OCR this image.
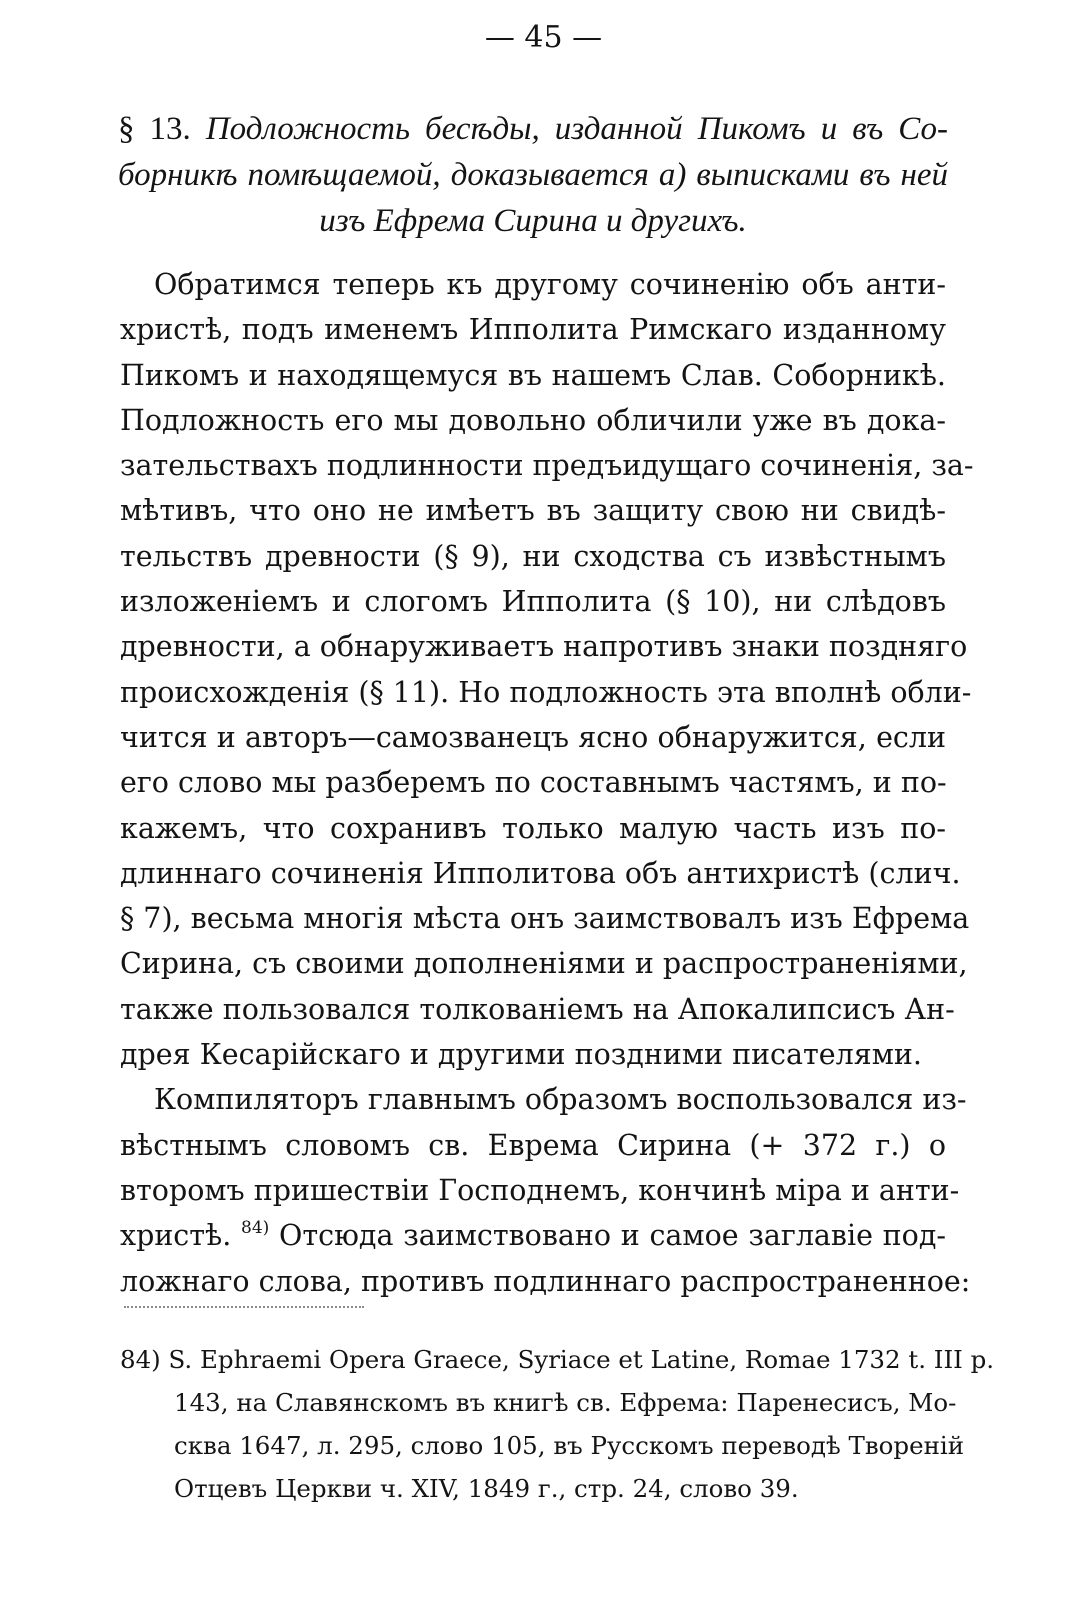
— 45 —
§ 13. Подложность бесѣды, изданной Пикомъ и въ Со-
борникѣ помѣщаемой, доказывается а) выписками въ ней
изъ Ефрема Сирина и другихъ.
Обратимся теперь къ другому сочиненію объ анти-
христѣ, подъ именемъ Ипполита Римскаго изданному
Пикомъ и находящемуся въ нашемъ Слав. Соборникѣ.
Подложность его мы довольно обличили уже въ дока-
зательствахъ подлинности предъидущаго сочиненія, за-
мѣтивъ, что оно не имѣетъ въ защиту свою ни свидѣ-
тельствъ древности (§ 9), ни сходства съ извѣстнымъ
изложеніемъ и слогомъ Ипполита (§ 10), ни слѣдовъ
древности, а обнаруживаетъ напротивъ знаки поздняго
происхожденія (§ 11). Но подложность эта вполнѣ обли-
чится и авторъ—самозванецъ ясно обнаружится, если
его слово мы разберемъ по составнымъ частямъ, и по-
кажемъ, что сохранивъ только малую часть изъ по-
длиннаго сочиненія Ипполитова объ антихристѣ (слич.
§ 7), весьма многія мѣста онъ заимствовалъ изъ Ефрема
Сирина, съ своими дополненіями и распространеніями,
также пользовался толкованіемъ на Апокалипсисъ Ан-
дрея Кесарійскаго и другими поздними писателями.
Компиляторъ главнымъ образомъ воспользовался из-
вѣстнымъ словомъ св. Еврема Сирина (+ 372 г.) о
второмъ пришествіи Господнемъ, кончинѣ міра и анти-
христѣ. $^{84)}$ Отсюда заимствовано и самое заглавіе под-
ложнаго слова, противъ подлиннаго распространенное:
84) S. Ephraemi Opera Graece, Syriace et Latine, Romae 1732 t. III p.
143, на Славянскомъ въ книгѣ св. Ефрема: Паренесисъ, Мо-
сква 1647, л. 295, слово 105, въ Русскомъ переводѣ Твореній
Отцевъ Церкви ч. XIV, 1849 г., стр. 24, слово 39.
